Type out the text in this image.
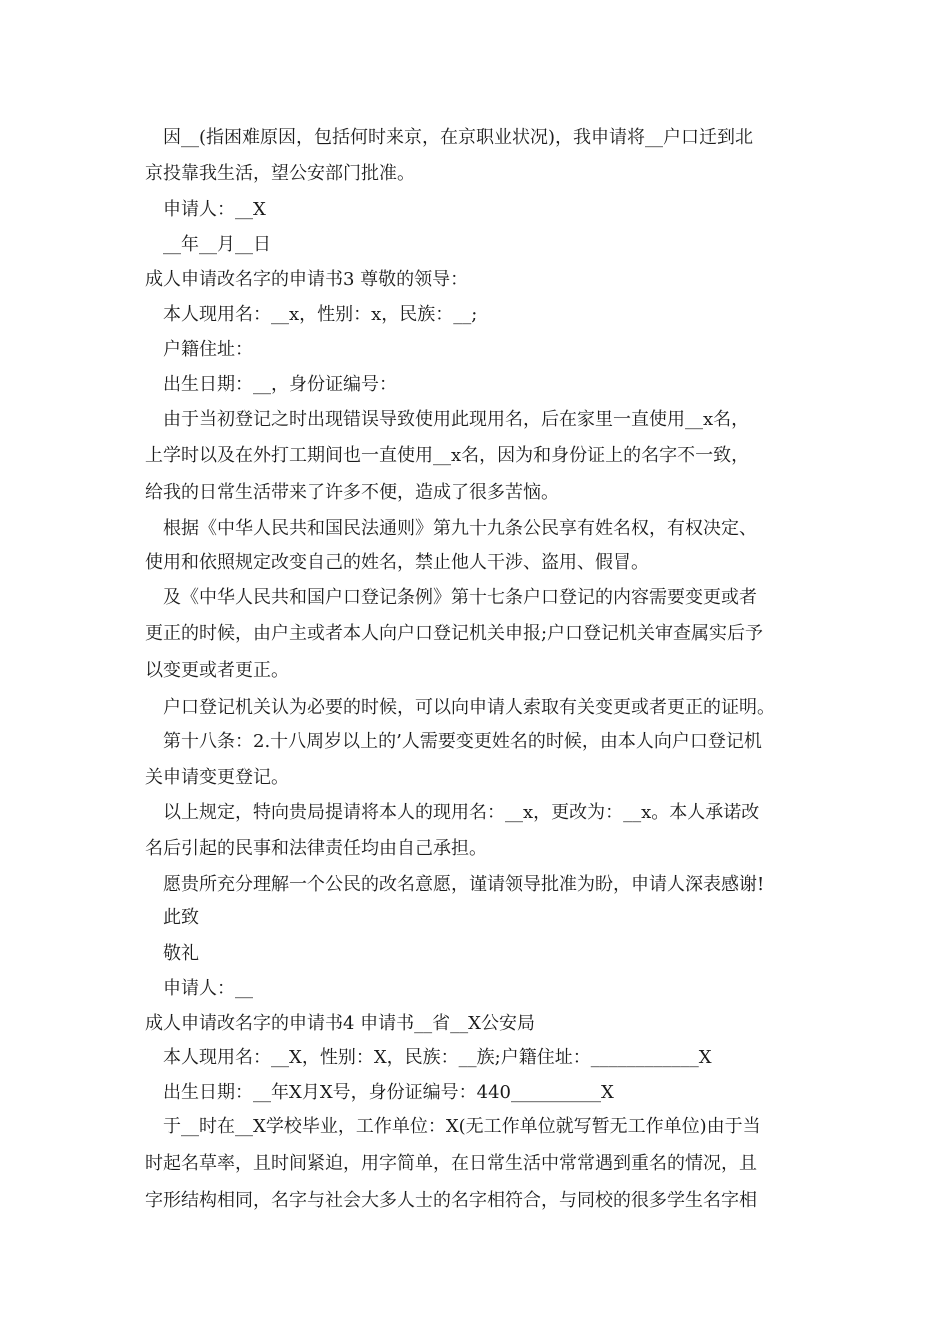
因__(指困难原因，包括何时来京，在京职业状况)，我申请将__户口迁到北
京投靠我生活，望公安部门批准。
申请人：__X
__年__月__日
成人申请改名字的申请书3 尊敬的领导：
本人现用名：__x，性别：x，民族：__;
户籍住址：
出生日期：__，身份证编号：
由于当初登记之时出现错误导致使用此现用名，后在家里一直使用__x名，
上学时以及在外打工期间也一直使用__x名，因为和身份证上的名字不一致，
给我的日常生活带来了许多不便，造成了很多苦恼。
根据《中华人民共和国民法通则》第九十九条公民享有姓名权，有权决定、
使用和依照规定改变自己的姓名，禁止他人干涉、盗用、假冒。
及《中华人民共和国户口登记条例》第十七条户口登记的内容需要变更或者
更正的时候，由户主或者本人向户口登记机关申报;户口登记机关审查属实后予
以变更或者更正。
户口登记机关认为必要的时候，可以向申请人索取有关变更或者更正的证明。
第十八条：2.十八周岁以上的’人需要变更姓名的时候，由本人向户口登记机
关申请变更登记。
以上规定，特向贵局提请将本人的现用名：__x，更改为：__x。本人承诺改
名后引起的民事和法律责任均由自己承担。
愿贵所充分理解一个公民的改名意愿，谨请领导批准为盼，申请人深表感谢!
此致
敬礼
申请人：__
成人申请改名字的申请书4 申请书__省__X公安局
本人现用名：__X，性别：X，民族：__族;户籍住址：____________X
出生日期：__年X月X号，身份证编号：440__________X
于__时在__X学校毕业，工作单位：X(无工作单位就写暂无工作单位)由于当
时起名草率，且时间紧迫，用字简单，在日常生活中常常遇到重名的情况，且
字形结构相同，名字与社会大多人士的名字相符合，与同校的很多学生名字相
